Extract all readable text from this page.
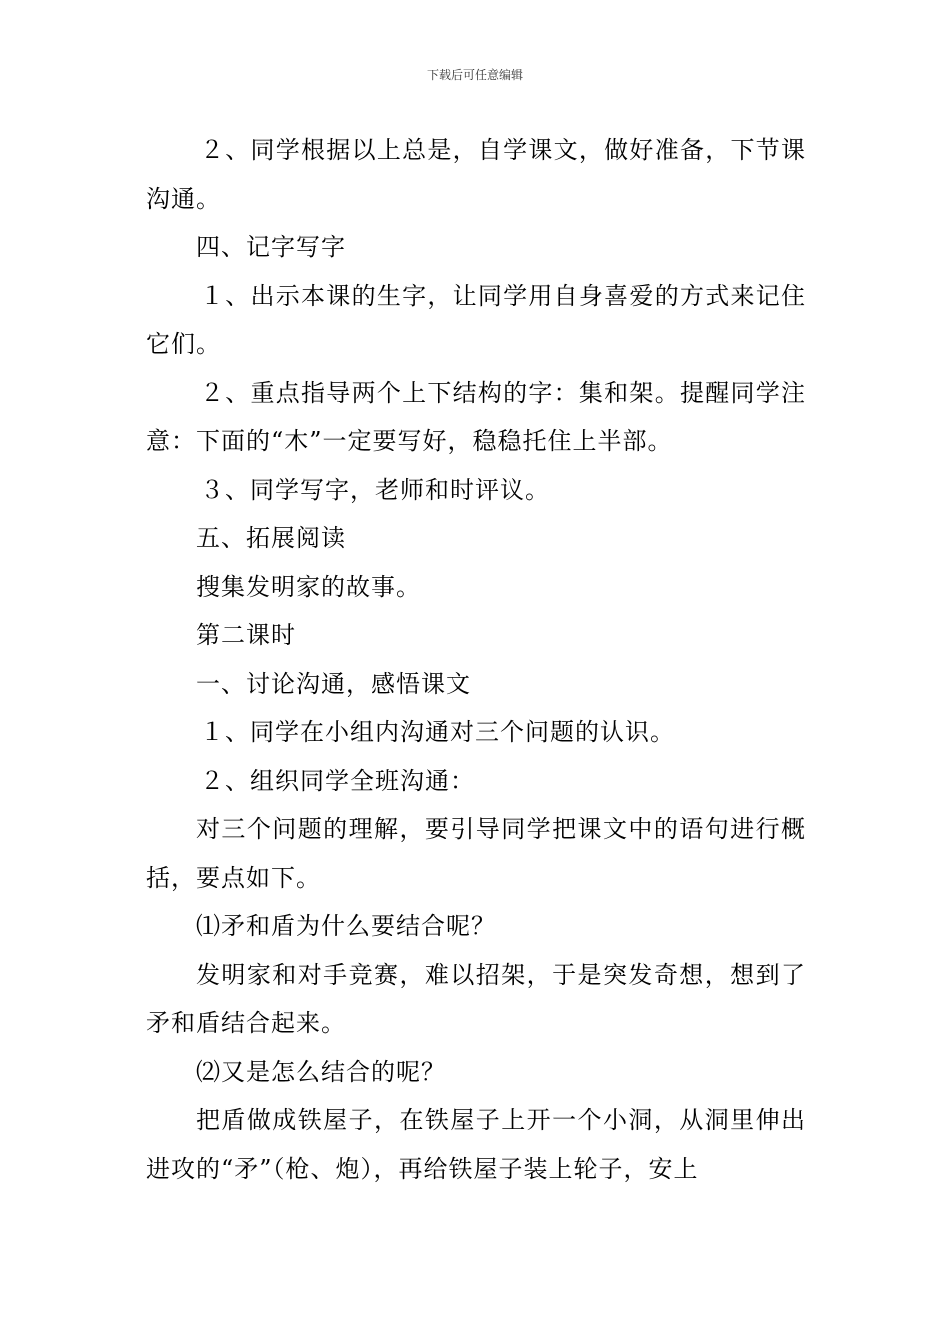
下载后可任意编辑

２、同学根据以上总是，自学课文，做好准备，下节课沟通。

四、记字写字

１、出示本课的生字，让同学用自身喜爱的方式来记住它们。

２、重点指导两个上下结构的字：集和架。提醒同学注意：下面的“木”一定要写好，稳稳托住上半部。

３、同学写字，老师和时评议。

五、拓展阅读

搜集发明家的故事。

第二课时

一、讨论沟通，感悟课文

１、同学在小组内沟通对三个问题的认识。

２、组织同学全班沟通：

对三个问题的理解，要引导同学把课文中的语句进行概括，要点如下。

⑴矛和盾为什么要结合呢？

发明家和对手竞赛，难以招架，于是突发奇想，想到了矛和盾结合起来。

⑵又是怎么结合的呢？

把盾做成铁屋子，在铁屋子上开一个小洞，从洞里伸出进攻的“矛”（枪、炮），再给铁屋子装上轮子，安上
